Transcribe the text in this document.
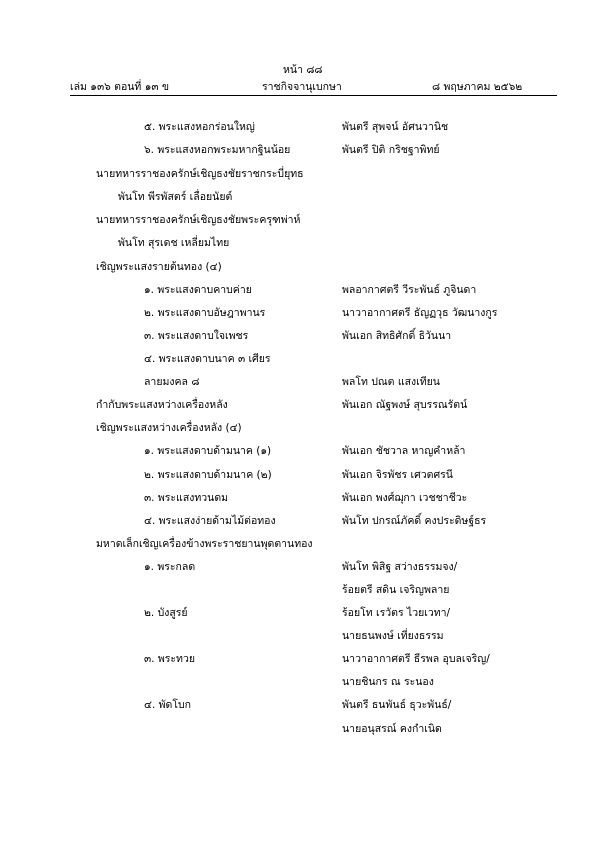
หน้า ๘๘
เล่ม ๑๓๖ ตอนที่ ๑๓ ข	ราชกิจจานุเบกษา	๘ พฤษภาคม ๒๕๖๒
๕. พระแสงหอกร่อนใหญ่	พันตรี สุพจน์ อัศนวานิช
๖. พระแสงหอกพระมหากฐินน้อย	พันตรี ปิติ กริชฐาพิทย์
นายทหารราชองครักษ์เชิญธงชัยราชกระบี่ยุทธ
พันโท พีรพัสตร์ เลื่อยนัยต์
นายทหารราชองครักษ์เชิญธงชัยพระครุฑพ่าห์
พันโท สุรเดช เหลี่ยมไทย
เชิญพระแสงรายต้นทอง (๔)
๑. พระแสงดาบคาบค่าย	พลอากาศตรี วีระพันธ์ ภูจินดา
๒. พระแสงดาบอัษฎาพานร	นาวาอากาศตรี ธัญฏวุธ วัฒนางกูร
๓. พระแสงดาบใจเพชร	พันเอก สิทธิศักดิ์ ธิวันนา
๔. พระแสงดาบนาค ๓ เศียร
ลายมงคล ๘	พลโท ปณต แสงเทียน
กำกับพระแสงหว่างเครื่องหลัง	พันเอก ณัฐพงษ์ สุบรรณรัตน์
เชิญพระแสงหว่างเครื่องหลัง (๔)
๑. พระแสงดาบด้ามนาค (๑)	พันเอก ชัชวาล หาญคำหล้า
๒. พระแสงดาบด้ามนาค (๒)	พันเอก จิรพัชร เศวตศรนี
๓. พระแสงทวนดม	พันเอก พงศ์ฌุกา เวชชาชีวะ
๔. พระแสงง่ายด้ามไม้ต่อทอง	พันโท ปกรณ์ภัคดิ์ คงประดิษฐ์ธร
มหาดเล็กเชิญเครื่องข้างพระราชยานพุดตานทอง
๑. พระกลด	พันโท พิสิฐ สว่างธรรมจง/
ร้อยตรี สดิน เจริญพลาย
๒. บังสูรย์	ร้อยโท เรวัตร ไวยเวทา/
นายธนพงษ์ เที่ยงธรรม
๓. พระทวย	นาวาอากาศตรี ธีรพล อุบลเจริญ/
นายชินกร ณ ระนอง
๔. พัดโบก	พันตรี ธนพันธ์ ธุวะพันธ์/
นายอนุสรณ์ คงกำเนิด
